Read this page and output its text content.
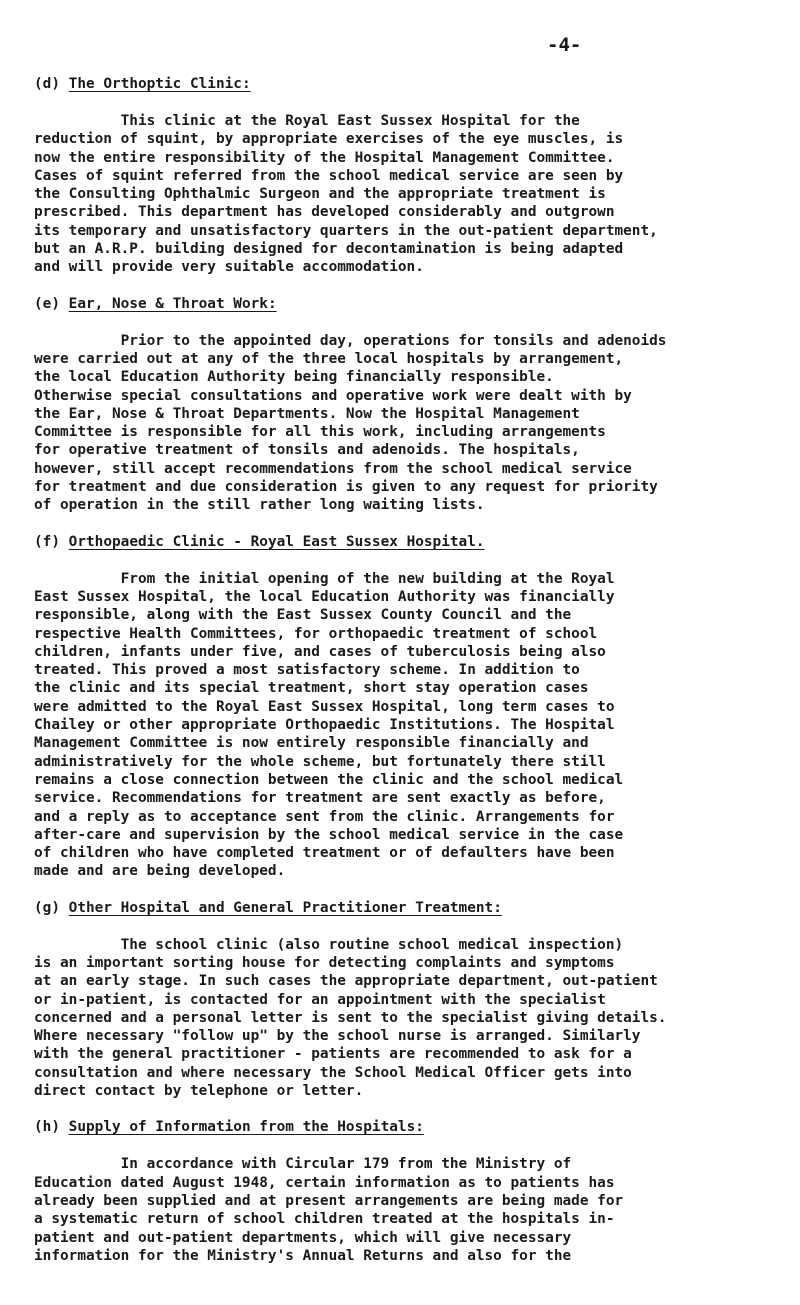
-4-
(d) The Orthoptic Clinic:
This clinic at the Royal East Sussex Hospital for the
reduction of squint, by appropriate exercises of the eye muscles, is
now the entire responsibility of the Hospital Management Committee.
Cases of squint referred from the school medical service are seen by
the Consulting Ophthalmic Surgeon and the appropriate treatment is
prescribed. This department has developed considerably and outgrown
its temporary and unsatisfactory quarters in the out-patient department,
but an A.R.P. building designed for decontamination is being adapted
and will provide very suitable accommodation.
(e) Ear, Nose & Throat Work:
Prior to the appointed day, operations for tonsils and adenoids
were carried out at any of the three local hospitals by arrangement,
the local Education Authority being financially responsible.
Otherwise special consultations and operative work were dealt with by
the Ear, Nose & Throat Departments. Now the Hospital Management
Committee is responsible for all this work, including arrangements
for operative treatment of tonsils and adenoids. The hospitals,
however, still accept recommendations from the school medical service
for treatment and due consideration is given to any request for priority
of operation in the still rather long waiting lists.
(f) Orthopaedic Clinic - Royal East Sussex Hospital.
From the initial opening of the new building at the Royal
East Sussex Hospital, the local Education Authority was financially
responsible, along with the East Sussex County Council and the
respective Health Committees, for orthopaedic treatment of school
children, infants under five, and cases of tuberculosis being also
treated. This proved a most satisfactory scheme. In addition to
the clinic and its special treatment, short stay operation cases
were admitted to the Royal East Sussex Hospital, long term cases to
Chailey or other appropriate Orthopaedic Institutions. The Hospital
Management Committee is now entirely responsible financially and
administratively for the whole scheme, but fortunately there still
remains a close connection between the clinic and the school medical
service. Recommendations for treatment are sent exactly as before,
and a reply as to acceptance sent from the clinic. Arrangements for
after-care and supervision by the school medical service in the case
of children who have completed treatment or of defaulters have been
made and are being developed.
(g) Other Hospital and General Practitioner Treatment:
The school clinic (also routine school medical inspection)
is an important sorting house for detecting complaints and symptoms
at an early stage. In such cases the appropriate department, out-patient
or in-patient, is contacted for an appointment with the specialist
concerned and a personal letter is sent to the specialist giving details.
Where necessary "follow up" by the school nurse is arranged. Similarly
with the general practitioner - patients are recommended to ask for a
consultation and where necessary the School Medical Officer gets into
direct contact by telephone or letter.
(h) Supply of Information from the Hospitals:
In accordance with Circular 179 from the Ministry of
Education dated August 1948, certain information as to patients has
already been supplied and at present arrangements are being made for
a systematic return of school children treated at the hospitals in-
patient and out-patient departments, which will give necessary
information for the Ministry's Annual Returns and also for the
